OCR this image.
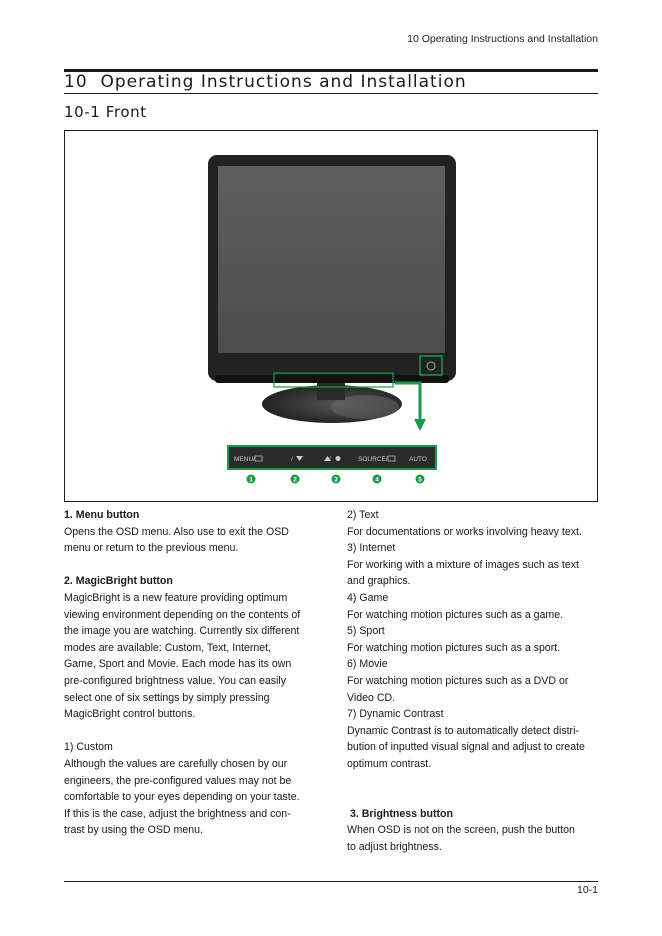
10 Operating Instructions and Installation
10  Operating Instructions and Installation
10-1 Front
MENU/	/	SOURCE/	AUTO
1	2	3	4	5

1. Menu button

Opens the OSD menu. Also use to exit the OSD

menu or return to the previous menu.

2. MagicBright button

MagicBright is a new feature providing optimum

viewing environment depending on the contents of

the image you are watching. Currently six different

modes are available: Custom, Text, Internet,

Game, Sport and Movie. Each mode has its own

pre-configured brightness value. You can easily

select one of six settings by simply pressing

MagicBright control buttons.

1) Custom

Although the values are carefully chosen by our

engineers, the pre-configured values may not be

comfortable to your eyes depending on your taste.

If this is the case, adjust the brightness and con-

trast by using the OSD menu.

2) Text

For documentations or works involving heavy text.

3) Internet

For working with a mixture of images such as text

and graphics.

4) Game

For watching motion pictures such as a game.

5) Sport

For watching motion pictures such as a sport.

6) Movie

For watching motion pictures such as a DVD or

Video CD.

7) Dynamic Contrast

Dynamic Contrast is to automatically detect distri-

bution of inputted visual signal and adjust to create

optimum contrast.

3. Brightness button

When OSD is not on the screen, push the button

to adjust brightness.

10-1
